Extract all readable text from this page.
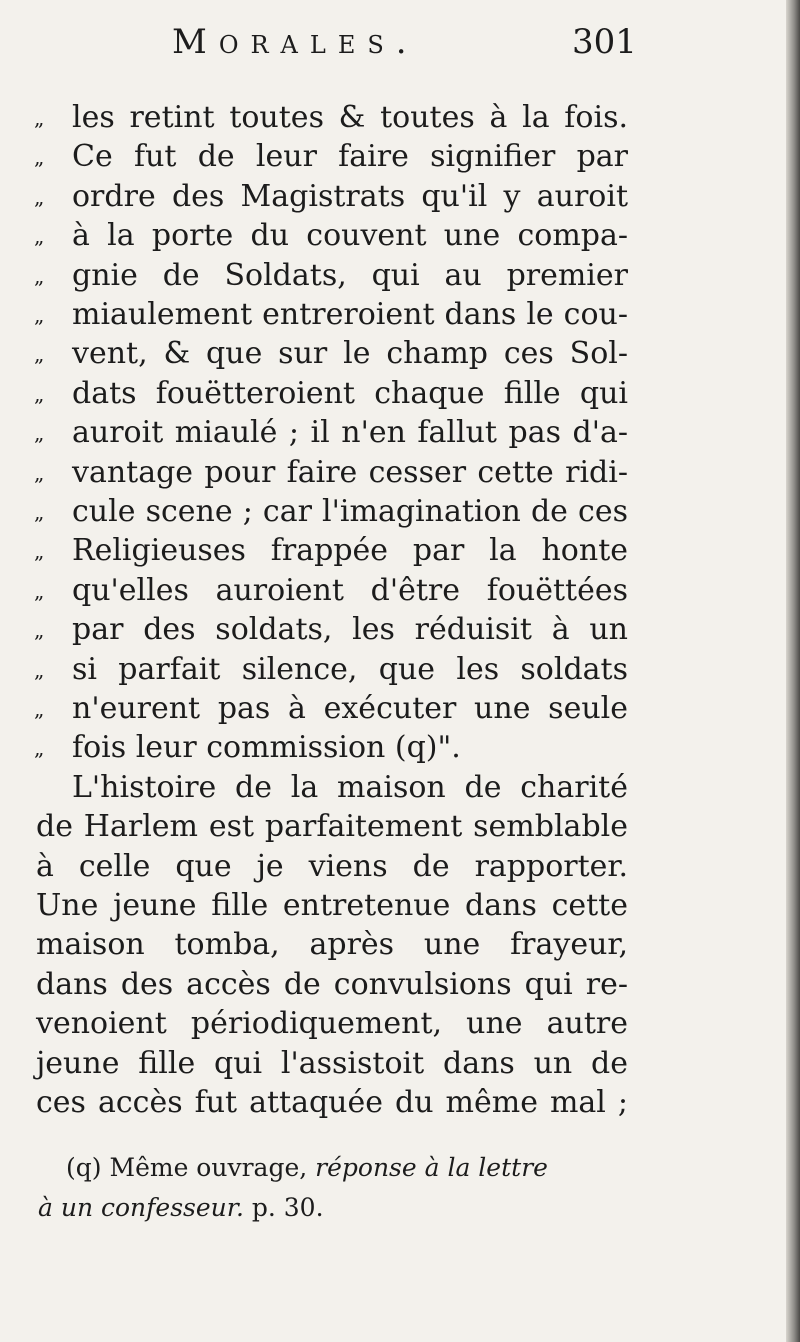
Morales.	301
„ les retint toutes & toutes à la fois.
„ Ce fut de leur faire signifier par
„ ordre des Magistrats qu'il y auroit
„ à la porte du couvent une compa-
„ gnie de Soldats, qui au premier
„ miaulement entreroient dans le cou-
„ vent, & que sur le champ ces Sol-
„ dats fouëtteroient chaque fille qui
„ auroit miaulé ; il n'en fallut pas d'a-
„ vantage pour faire cesser cette ridi-
„ cule scene ; car l'imagination de ces
„ Religieuses frappée par la honte
„ qu'elles auroient d'être fouëttées
„ par des soldats, les réduisit à un
„ si parfait silence, que les soldats
„ n'eurent pas à exécuter une seule
„ fois leur commission (q)".
L'histoire de la maison de charité
de Harlem est parfaitement semblable
à celle que je viens de rapporter.
Une jeune fille entretenue dans cette
maison tomba, après une frayeur,
dans des accès de convulsions qui re-
venoient périodiquement, une autre
jeune fille qui l'assistoit dans un de
ces accès fut attaquée du même mal ;
(q) Même ouvrage, réponse à la lettre
à un confesseur. p. 30.
